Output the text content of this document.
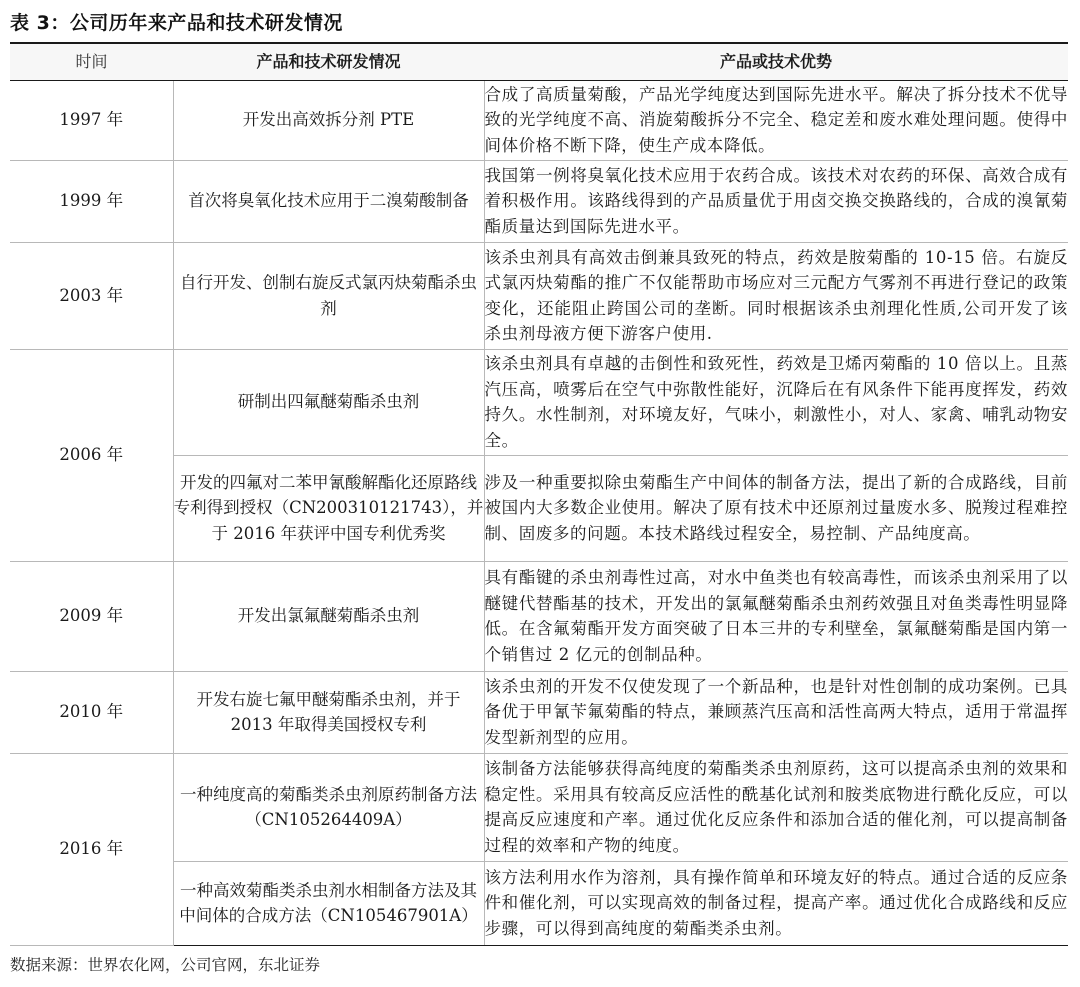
表 3：公司历年来产品和技术研发情况
时间	产品和技术研发情况	产品或技术优势
1997 年	开发出高效拆分剂 PTE	合成了高质量菊酸，产品光学纯度达到国际先进水平。解决了拆分技术不优导致的光学纯度不高、消旋菊酸拆分不完全、稳定差和废水难处理问题。使得中间体价格不断下降，使生产成本降低。
1999 年	首次将臭氧化技术应用于二溴菊酸制备	我国第一例将臭氧化技术应用于农药合成。该技术对农药的环保、高效合成有着积极作用。该路线得到的产品质量优于用卤交换交换路线的，合成的溴氰菊酯质量达到国际先进水平。
2003 年	自行开发、创制右旋反式氯丙炔菊酯杀虫剂	该杀虫剂具有高效击倒兼具致死的特点，药效是胺菊酯的 10-15 倍。右旋反式氯丙炔菊酯的推广不仅能帮助市场应对三元配方气雾剂不再进行登记的政策变化，还能阻止跨国公司的垄断。同时根据该杀虫剂理化性质,公司开发了该杀虫剂母液方便下游客户使用.
2006 年	研制出四氟醚菊酯杀虫剂	该杀虫剂具有卓越的击倒性和致死性，药效是卫烯丙菊酯的 10 倍以上。且蒸汽压高，喷雾后在空气中弥散性能好，沉降后在有风条件下能再度挥发，药效持久。水性制剂，对环境友好，气味小，刺激性小，对人、家禽、哺乳动物安全。
	开发的四氟对二苯甲氰酸解酯化还原路线专利得到授权（CN200310121743），并于 2016 年获评中国专利优秀奖	涉及一种重要拟除虫菊酯生产中间体的制备方法，提出了新的合成路线，目前被国内大多数企业使用。解决了原有技术中还原剂过量废水多、脱羧过程难控制、固废多的问题。本技术路线过程安全，易控制、产品纯度高。
2009 年	开发出氯氟醚菊酯杀虫剂	具有酯键的杀虫剂毒性过高，对水中鱼类也有较高毒性，而该杀虫剂采用了以醚键代替酯基的技术，开发出的氯氟醚菊酯杀虫剂药效强且对鱼类毒性明显降低。在含氟菊酯开发方面突破了日本三井的专利壁垒，氯氟醚菊酯是国内第一个销售过 2 亿元的创制品种。
2010 年	开发右旋七氟甲醚菊酯杀虫剂，并于 2013 年取得美国授权专利	该杀虫剂的开发不仅使发现了一个新品种，也是针对性创制的成功案例。已具备优于甲氰苄氟菊酯的特点，兼顾蒸汽压高和活性高两大特点，适用于常温挥发型新剂型的应用。
2016 年	一种纯度高的菊酯类杀虫剂原药制备方法（CN105264409A）	该制备方法能够获得高纯度的菊酯类杀虫剂原药，这可以提高杀虫剂的效果和稳定性。采用具有较高反应活性的酰基化试剂和胺类底物进行酰化反应，可以提高反应速度和产率。通过优化反应条件和添加合适的催化剂，可以提高制备过程的效率和产物的纯度。
	一种高效菊酯类杀虫剂水相制备方法及其中间体的合成方法（CN105467901A）	该方法利用水作为溶剂，具有操作简单和环境友好的特点。通过合适的反应条件和催化剂，可以实现高效的制备过程，提高产率。通过优化合成路线和反应步骤，可以得到高纯度的菊酯类杀虫剂。
数据来源：世界农化网，公司官网，东北证券
